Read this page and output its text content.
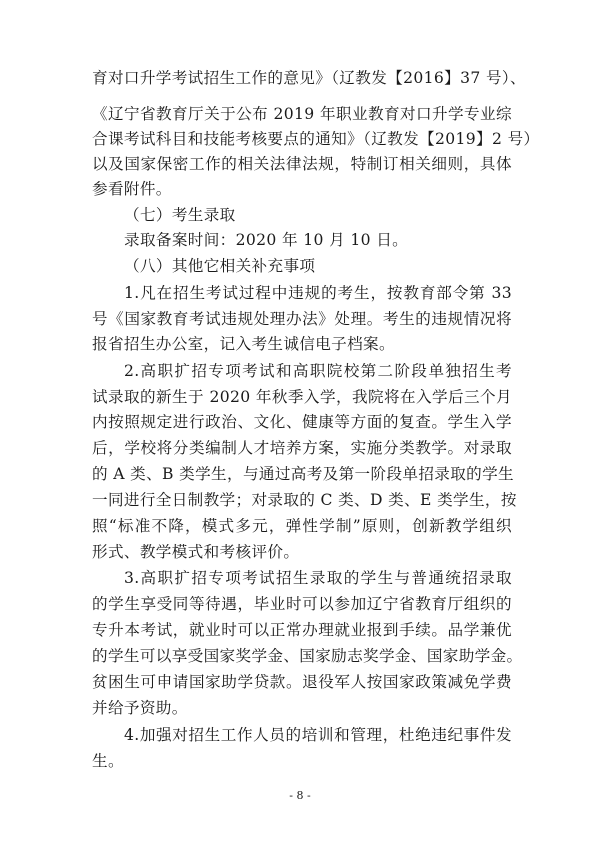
育对口升学考试招生工作的意见》（辽教发【2016】37 号）、
《辽宁省教育厅关于公布 2019 年职业教育对口升学专业综
合课考试科目和技能考核要点的通知》（辽教发【2019】2 号）
以及国家保密工作的相关法律法规，特制订相关细则，具体
参看附件。
（七）考生录取
录取备案时间：2020 年 10 月 10 日。
（八）其他它相关补充事项
1.凡在招生考试过程中违规的考生，按教育部令第 33
号《国家教育考试违规处理办法》处理。考生的违规情况将
报省招生办公室，记入考生诚信电子档案。
2.高职扩招专项考试和高职院校第二阶段单独招生考
试录取的新生于 2020 年秋季入学，我院将在入学后三个月
内按照规定进行政治、文化、健康等方面的复查。学生入学
后，学校将分类编制人才培养方案，实施分类教学。对录取
的 A 类、B 类学生，与通过高考及第一阶段单招录取的学生
一同进行全日制教学；对录取的 C 类、D 类、E 类学生，按
照“标准不降，模式多元，弹性学制”原则，创新教学组织
形式、教学模式和考核评价。
3.高职扩招专项考试招生录取的学生与普通统招录取
的学生享受同等待遇，毕业时可以参加辽宁省教育厅组织的
专升本考试，就业时可以正常办理就业报到手续。品学兼优
的学生可以享受国家奖学金、国家励志奖学金、国家助学金。
贫困生可申请国家助学贷款。退役军人按国家政策减免学费
并给予资助。
4.加强对招生工作人员的培训和管理，杜绝违纪事件发
生。
- 8 -
